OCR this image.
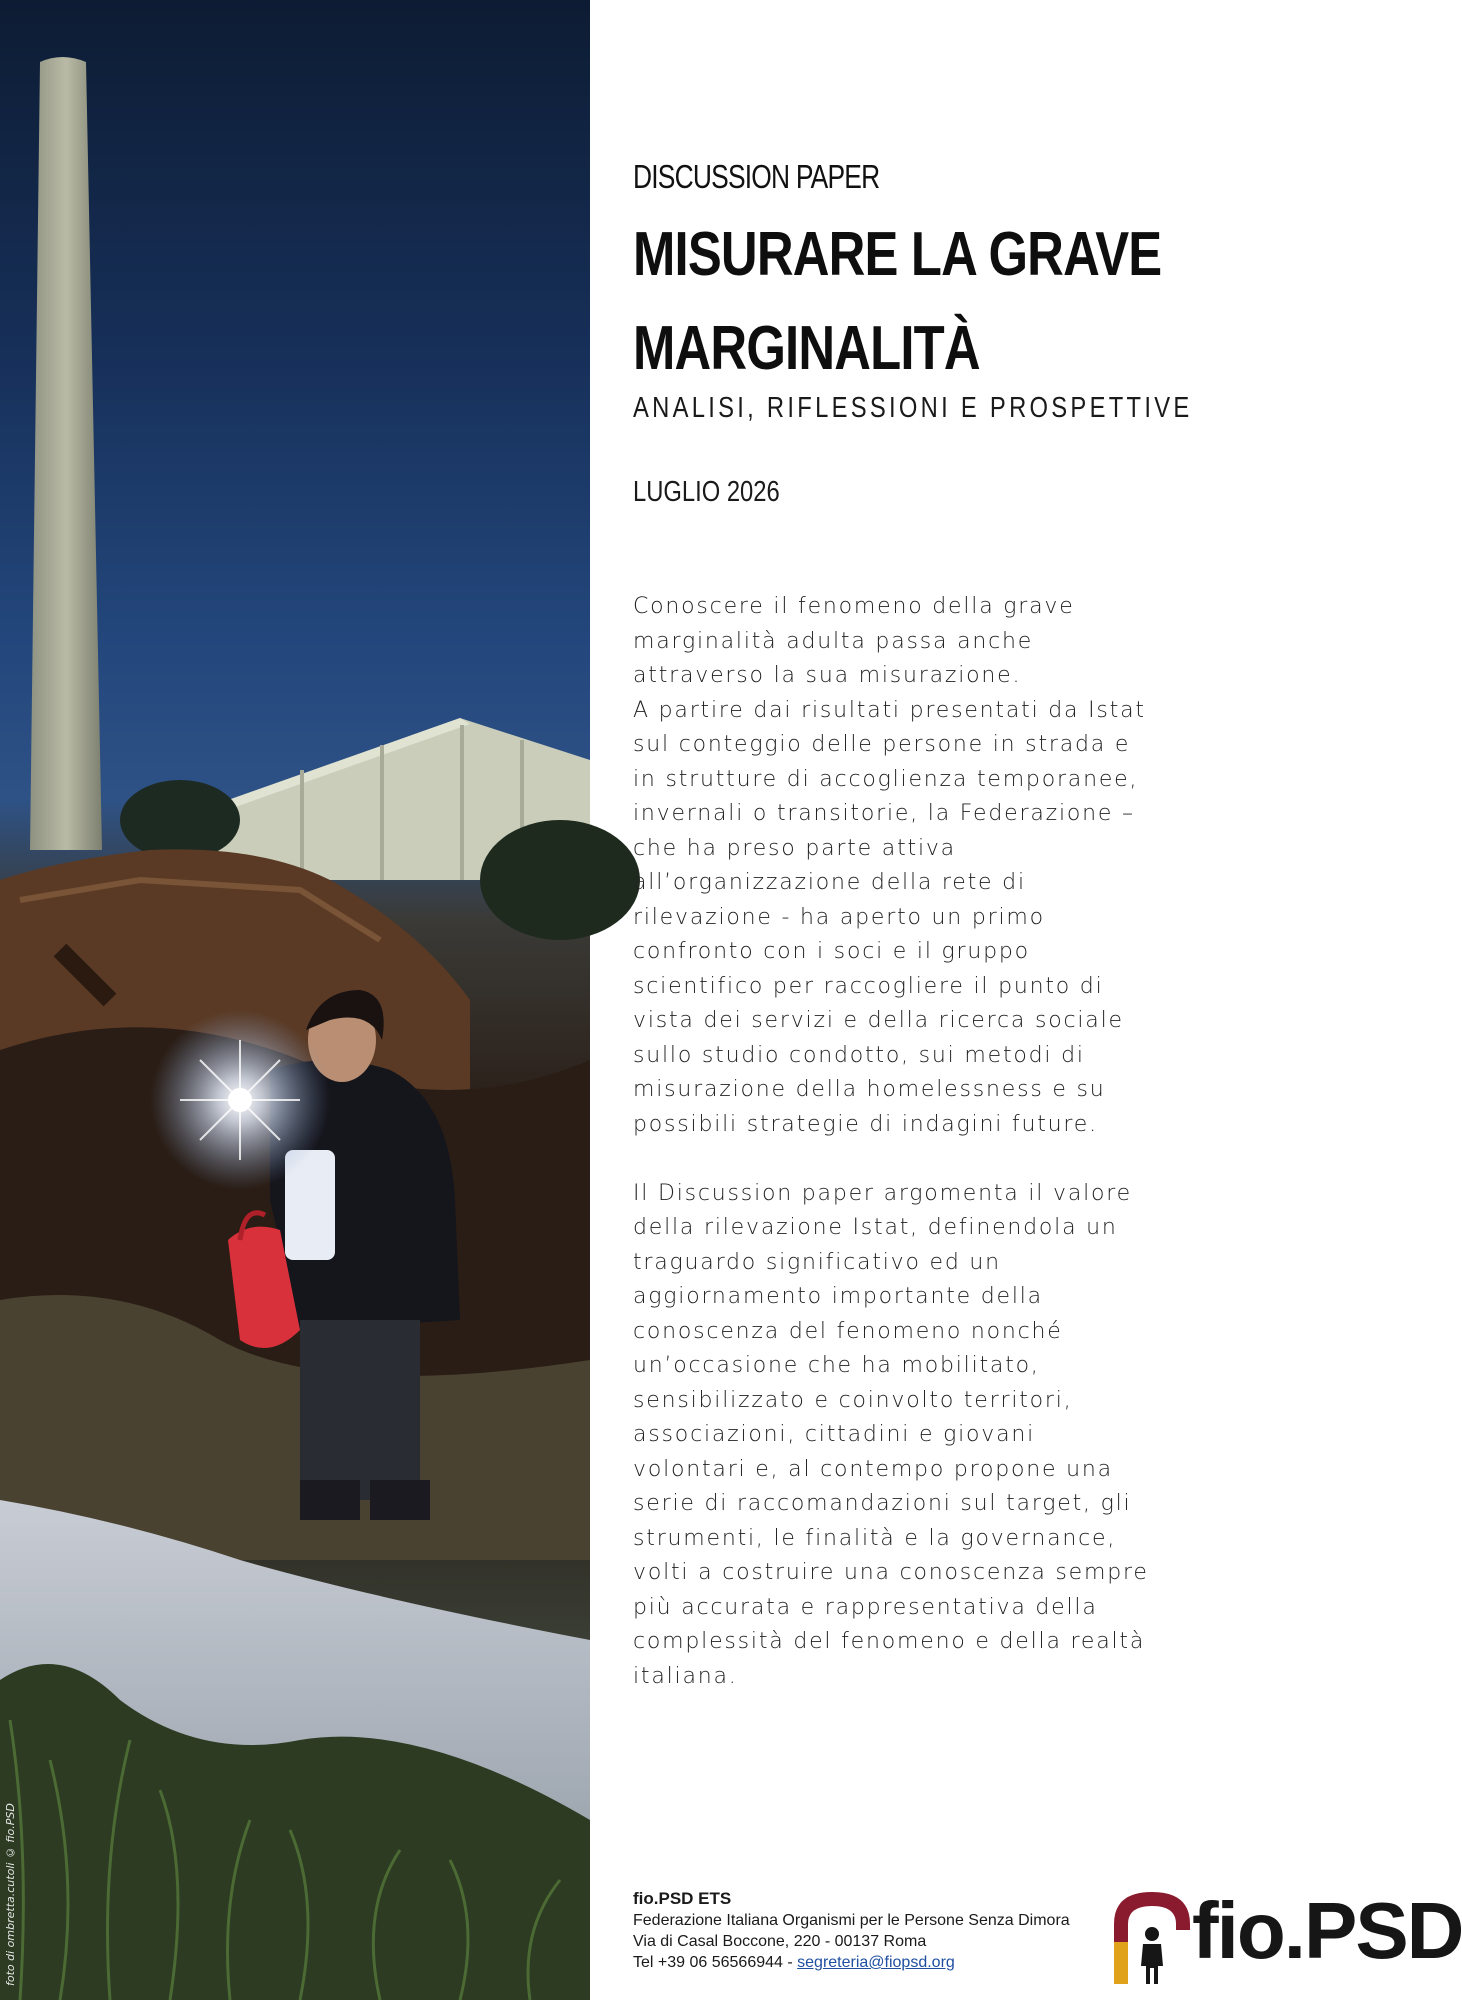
foto di ombretta.cutoli © fio.PSD
DISCUSSION PAPER
MISURARE LA GRAVE
MARGINALITÀ
ANALISI, RIFLESSIONI E PROSPETTIVE
LUGLIO 2026

Conoscere il fenomeno della grave
marginalità adulta passa anche
attraverso la sua misurazione.
A partire dai risultati presentati da Istat
sul conteggio delle persone in strada e
in strutture di accoglienza temporanee,
invernali o transitorie, la Federazione –
che ha preso parte attiva
all’organizzazione della rete di
rilevazione - ha aperto un primo
confronto con i soci e il gruppo
scientifico per raccogliere il punto di
vista dei servizi e della ricerca sociale
sullo studio condotto, sui metodi di
misurazione della homelessness e su
possibili strategie di indagini future.

Il Discussion paper argomenta il valore
della rilevazione Istat, definendola un
traguardo significativo ed un
aggiornamento importante della
conoscenza del fenomeno nonché
un’occasione che ha mobilitato,
sensibilizzato e coinvolto territori,
associazioni, cittadini e giovani
volontari e, al contempo propone una
serie di raccomandazioni sul target, gli
strumenti, le finalità e la governance,
volti a costruire una conoscenza sempre
più accurata e rappresentativa della
complessità del fenomeno e della realtà
italiana.

fio.PSD ETS
Federazione Italiana Organismi per le Persone Senza Dimora
Via di Casal Boccone, 220 - 00137 Roma
Tel +39 06 56566944 - segreteria@fiopsd.org	fio.PSD
